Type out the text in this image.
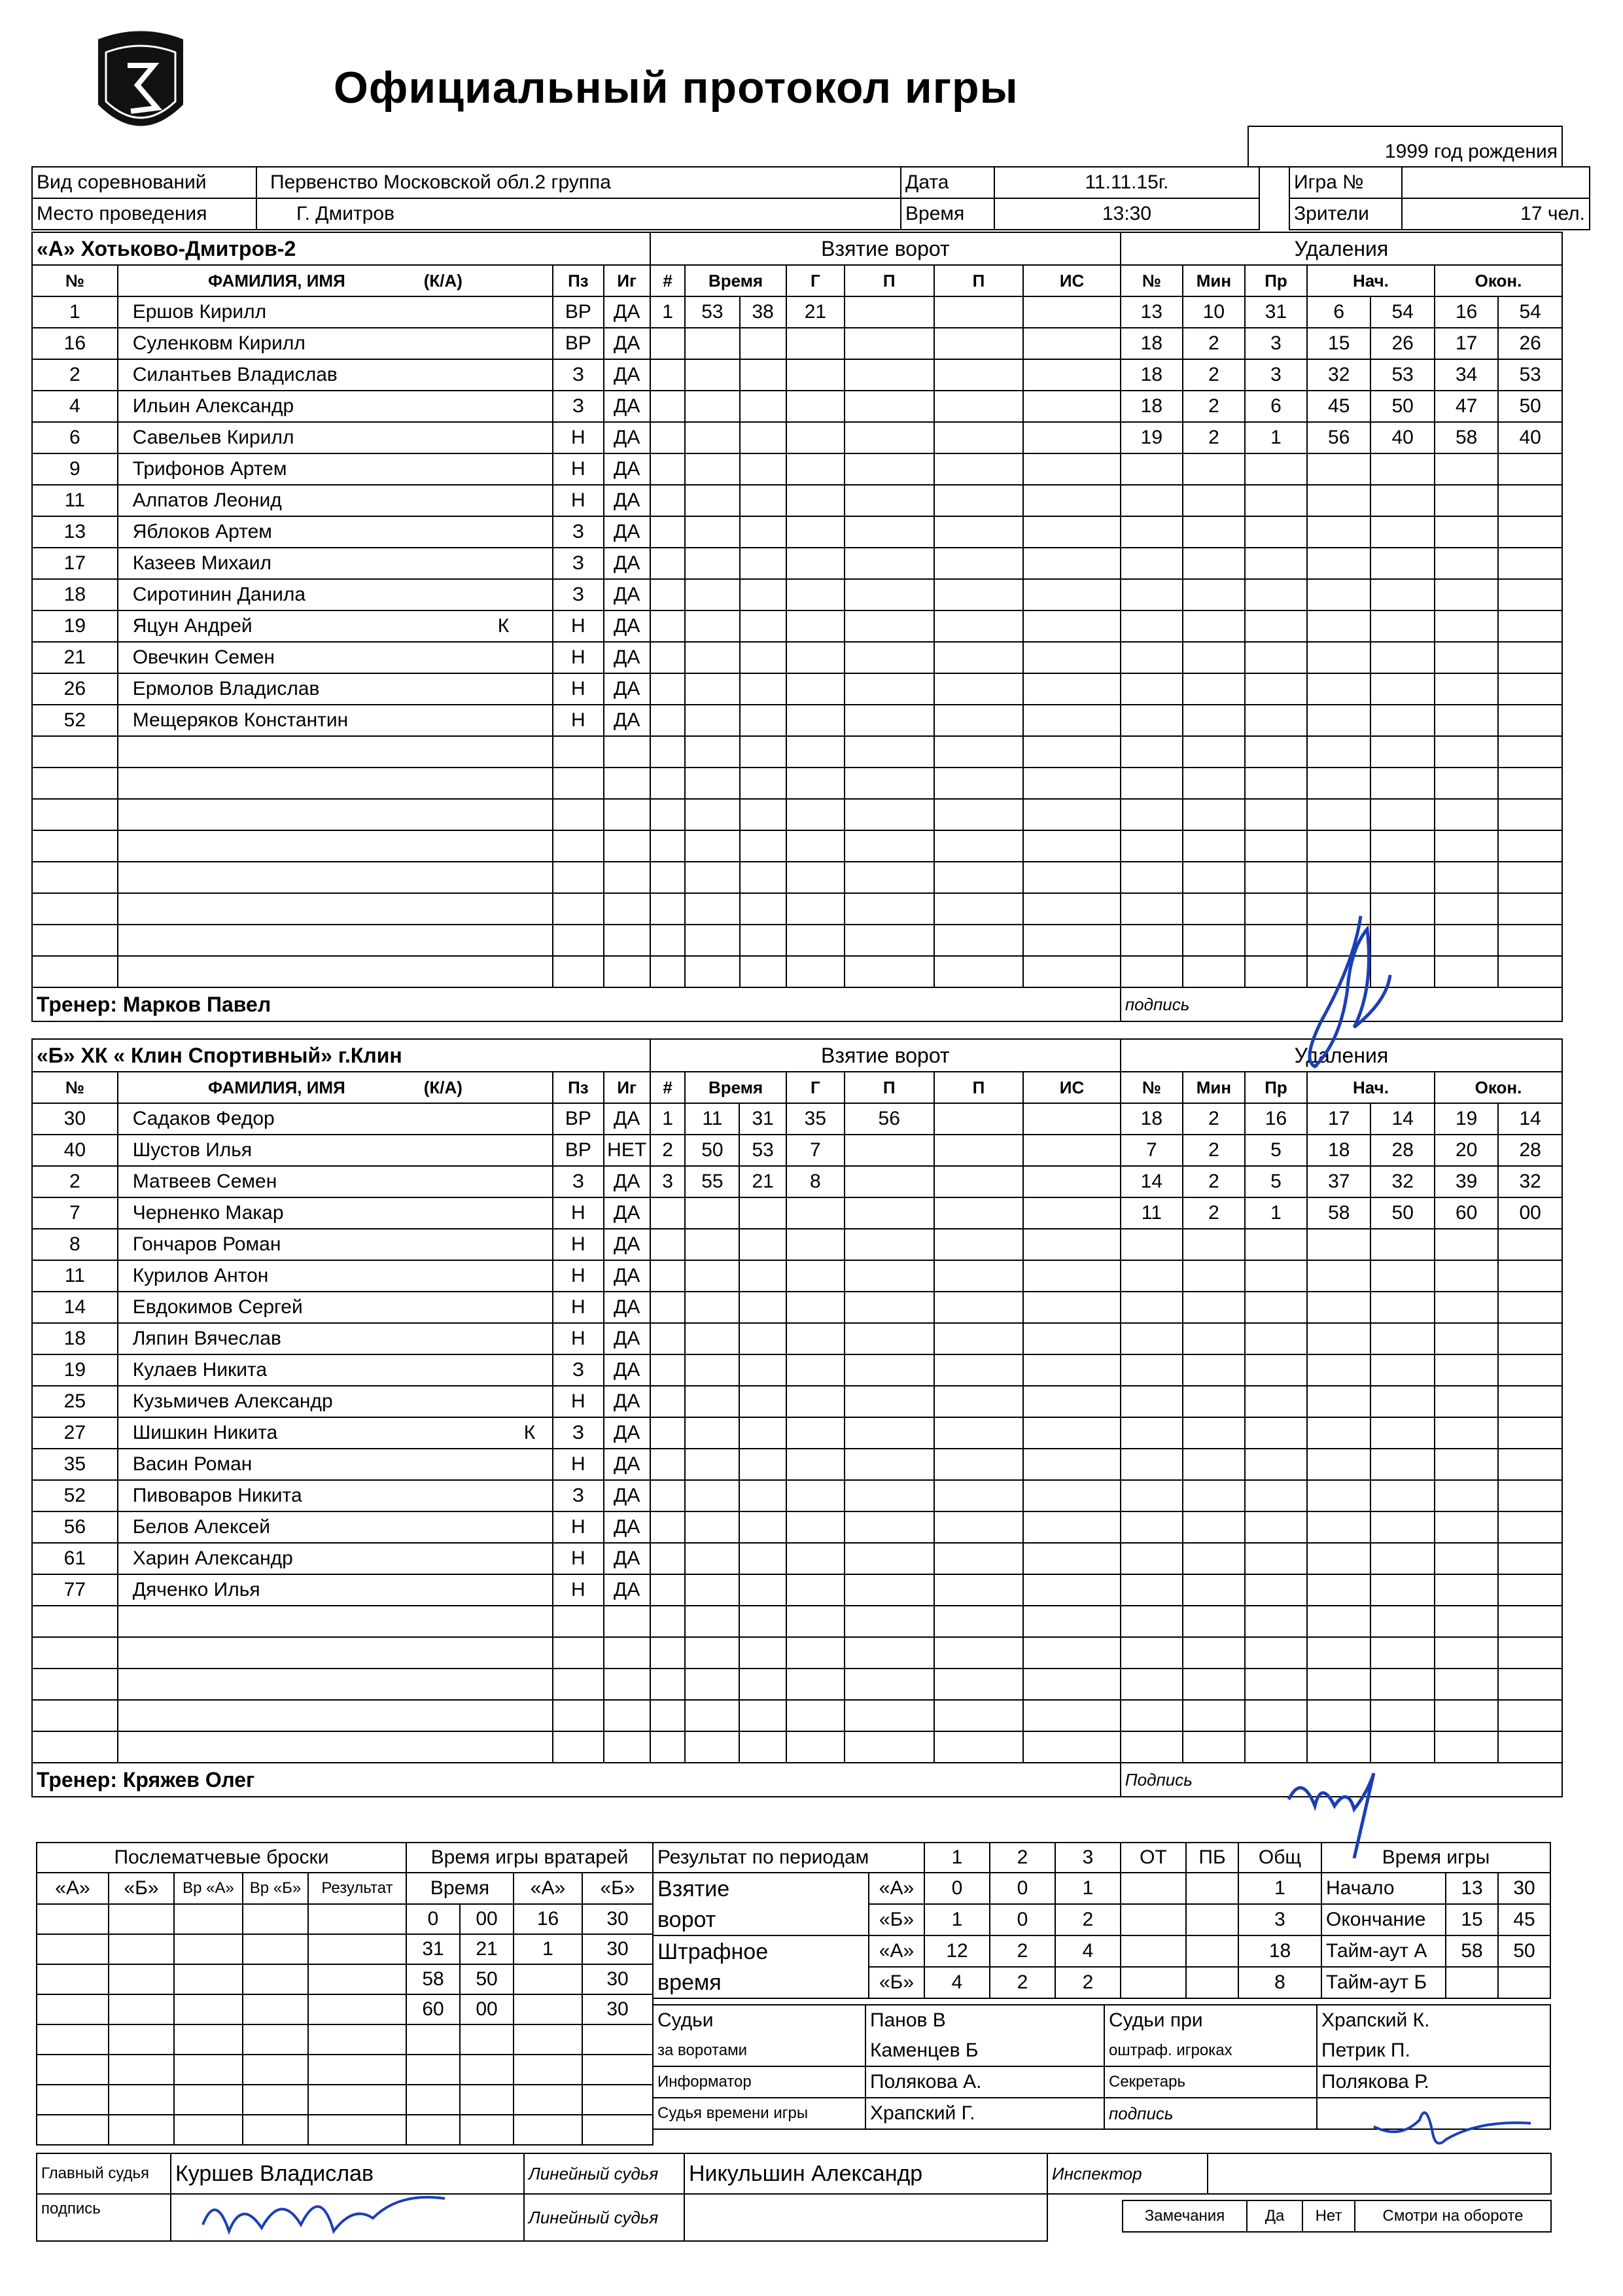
Официальный протокол игры
1999 год рождения
Вид соревнований	Первенство Московской обл.2 группа	Дата	11.11.15г.		Игра №	
Место проведения	Г. Дмитров	Время	13:30		Зрители	17 чел.
«А» Хотьково-Дмитров-2				Взятие ворот							Удаления						
№	ФАМИЛИЯ, ИМЯ (К/А)	Пз	Иг	#	Время		Г	П	П	ИС	№	Мин	Пр	Нач.		Окон.	
1	Ершов Кирилл	ВР	ДА	1	53	38	21				13	10	31	6	54	16	54
16	Суленковм Кирилл	ВР	ДА								18	2	3	15	26	17	26
2	Силантьев Владислав	З	ДА								18	2	3	32	53	34	53
4	Ильин Александр	З	ДА								18	2	6	45	50	47	50
6	Савельев Кирилл	Н	ДА								19	2	1	56	40	58	40
9	Трифонов Артем	Н	ДА														
11	Алпатов Леонид	Н	ДА														
13	Яблоков Артем	З	ДА														
17	Казеев Михаил	З	ДА														
18	Сиротинин Данила	З	ДА														
19	Яцун Андрей К	Н	ДА														
21	Овечкин Семен	Н	ДА														
26	Ермолов Владислав	Н	ДА														
52	Мещеряков Константин	Н	ДА														

Тренер: Марков Павел											подпись						
«Б» ХК « Клин Спортивный» г.Клин				Взятие ворот							Удаления						
№	ФАМИЛИЯ, ИМЯ (К/А)	Пз	Иг	#	Время		Г	П	П	ИС	№	Мин	Пр	Нач.		Окон.	
30	Садаков Федор	ВР	ДА	1	11	31	35	56			18	2	16	17	14	19	14
40	Шустов Илья	ВР	НЕТ	2	50	53	7				7	2	5	18	28	20	28
2	Матвеев Семен	З	ДА	3	55	21	8				14	2	5	37	32	39	32
7	Черненко Макар	Н	ДА								11	2	1	58	50	60	00
8	Гончаров Роман	Н	ДА														
11	Курилов Антон	Н	ДА														
14	Евдокимов Сергей	Н	ДА														
18	Ляпин Вячеслав	Н	ДА														
19	Кулаев Никита	З	ДА														
25	Кузьмичев Александр	Н	ДА														
27	Шишкин Никита К	З	ДА														
35	Васин Роман	Н	ДА														
52	Пивоваров Никита	З	ДА														
56	Белов Алексей	Н	ДА														
61	Харин Александр	Н	ДА														
77	Дяченко Илья	Н	ДА														

Тренер: Кряжев Олег											Подпись						
Послематчевые броски					Время игры вратарей			
«А»	«Б»	Вр «А»	Вр «Б»	Результат	Время		«А»	«Б»
					0	00	16	30
					31	21	1	30
					58	50		30
					60	00		30

Результат по периодам		1	2	3	ОТ	ПБ	Общ
Взятие	«А»	0	0	1			1
ворот	«Б»	1	0	2			3
Штрафное	«А»	12	2	4			18
время	«Б»	4	2	2			8
Время игры		
Начало	13	30
Окончание	15	45
Тайм-аут А	58	50
Тайм-аут Б		
Судьи	Панов В	Судьи при	Храпский К.
за воротами	Каменцев Б	оштраф. игроках	Петрик П.
Информатор	Полякова А.	Секретарь	Полякова Р.
Судья времени игры	Храпский Г.	подпись	
Главный судья	Куршев Владислав	Линейный судья	Никульшин Александр
подпись		Линейный судья	
Инспектор	
Замечания	Да	Нет	Смотри на обороте
